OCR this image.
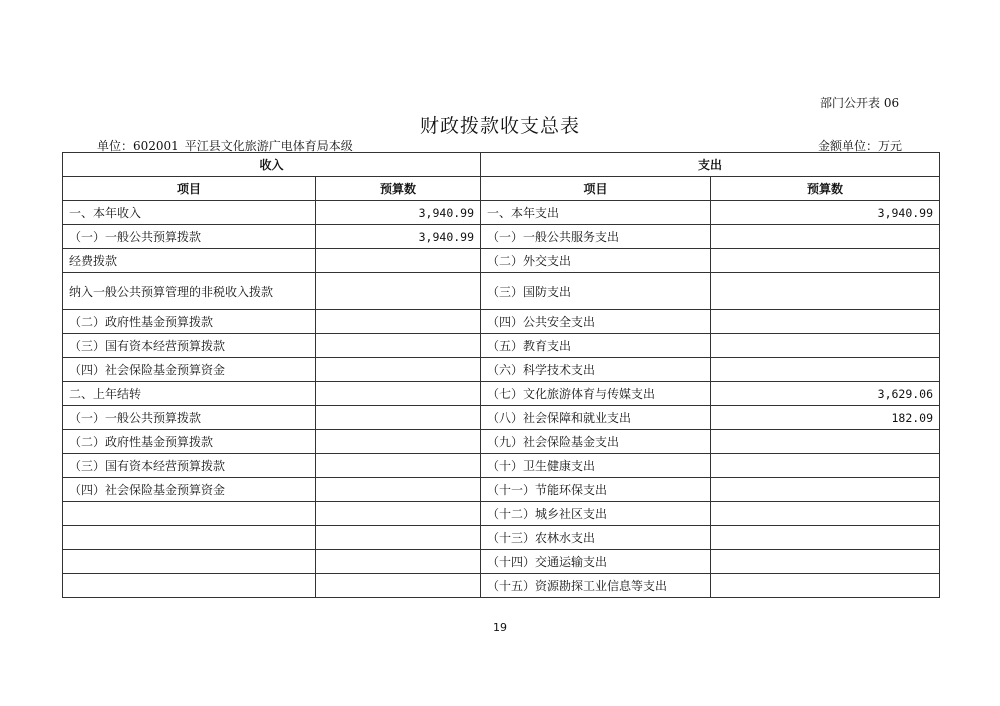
部门公开表 06
财政拨款收支总表
单位：602001_平江县文化旅游广电体育局本级	金额单位：万元
收入		支出	
项目	预算数	项目	预算数
一、本年收入	3,940.99	一、本年支出	3,940.99
（一）一般公共预算拨款	3,940.99	（一）一般公共服务支出	
经费拨款		（二）外交支出	
纳入一般公共预算管理的非税收入拨款		（三）国防支出	
（二）政府性基金预算拨款		（四）公共安全支出	
（三）国有资本经营预算拨款		（五）教育支出	
（四）社会保险基金预算资金		（六）科学技术支出	
二、上年结转		（七）文化旅游体育与传媒支出	3,629.06
（一）一般公共预算拨款		（八）社会保障和就业支出	182.09
（二）政府性基金预算拨款		（九）社会保险基金支出	
（三）国有资本经营预算拨款		（十）卫生健康支出	
（四）社会保险基金预算资金		（十一）节能环保支出	
		（十二）城乡社区支出	
		（十三）农林水支出	
		（十四）交通运输支出	
		（十五）资源勘探工业信息等支出	
19
